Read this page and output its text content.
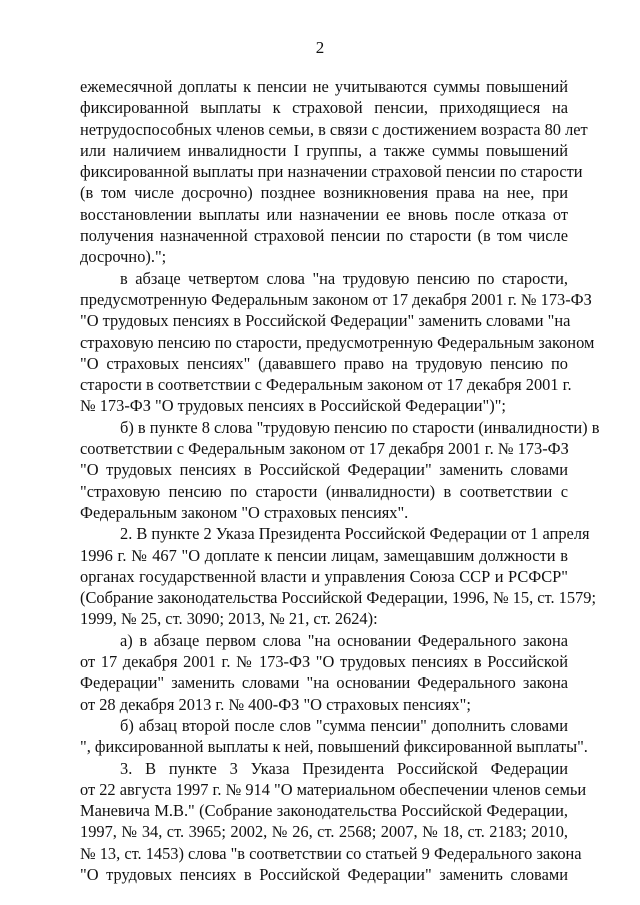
2

ежемесячной доплаты к пенсии не учитываются суммы повышений
фиксированной выплаты к страховой пенсии, приходящиеся на
нетрудоспособных членов семьи, в связи с достижением возраста 80 лет
или наличием инвалидности I группы, а также суммы повышений
фиксированной выплаты при назначении страховой пенсии по старости
(в том числе досрочно) позднее возникновения права на нее, при
восстановлении выплаты или назначении ее вновь после отказа от
получения назначенной страховой пенсии по старости (в том числе
досрочно).";

в абзаце четвертом слова "на трудовую пенсию по старости,
предусмотренную Федеральным законом от 17 декабря 2001 г. № 173-ФЗ
"О трудовых пенсиях в Российской Федерации" заменить словами "на
страховую пенсию по старости, предусмотренную Федеральным законом
"О страховых пенсиях" (дававшего право на трудовую пенсию по
старости в соответствии с Федеральным законом от 17 декабря 2001 г.
№ 173-ФЗ "О трудовых пенсиях в Российской Федерации")";

б) в пункте 8 слова "трудовую пенсию по старости (инвалидности) в
соответствии с Федеральным законом от 17 декабря 2001 г. № 173-ФЗ
"О трудовых пенсиях в Российской Федерации" заменить словами
"страховую пенсию по старости (инвалидности) в соответствии с
Федеральным законом "О страховых пенсиях".

2. В пункте 2 Указа Президента Российской Федерации от 1 апреля
1996 г. № 467 "О доплате к пенсии лицам, замещавшим должности в
органах государственной власти и управления Союза ССР и РСФСР"
(Собрание законодательства Российской Федерации, 1996, № 15, ст. 1579;
1999, № 25, ст. 3090; 2013, № 21, ст. 2624):

а) в абзаце первом слова "на основании Федерального закона
от 17 декабря 2001 г. № 173-ФЗ "О трудовых пенсиях в Российской
Федерации" заменить словами "на основании Федерального закона
от 28 декабря 2013 г. № 400-ФЗ "О страховых пенсиях";

б) абзац второй после слов "сумма пенсии" дополнить словами
", фиксированной выплаты к ней, повышений фиксированной выплаты".

3. В пункте 3 Указа Президента Российской Федерации
от 22 августа 1997 г. № 914 "О материальном обеспечении членов семьи
Маневича М.В." (Собрание законодательства Российской Федерации,
1997, № 34, ст. 3965; 2002, № 26, ст. 2568; 2007, № 18, ст. 2183; 2010,
№ 13, ст. 1453) слова "в соответствии со статьей 9 Федерального закона
"О трудовых пенсиях в Российской Федерации" заменить словами
